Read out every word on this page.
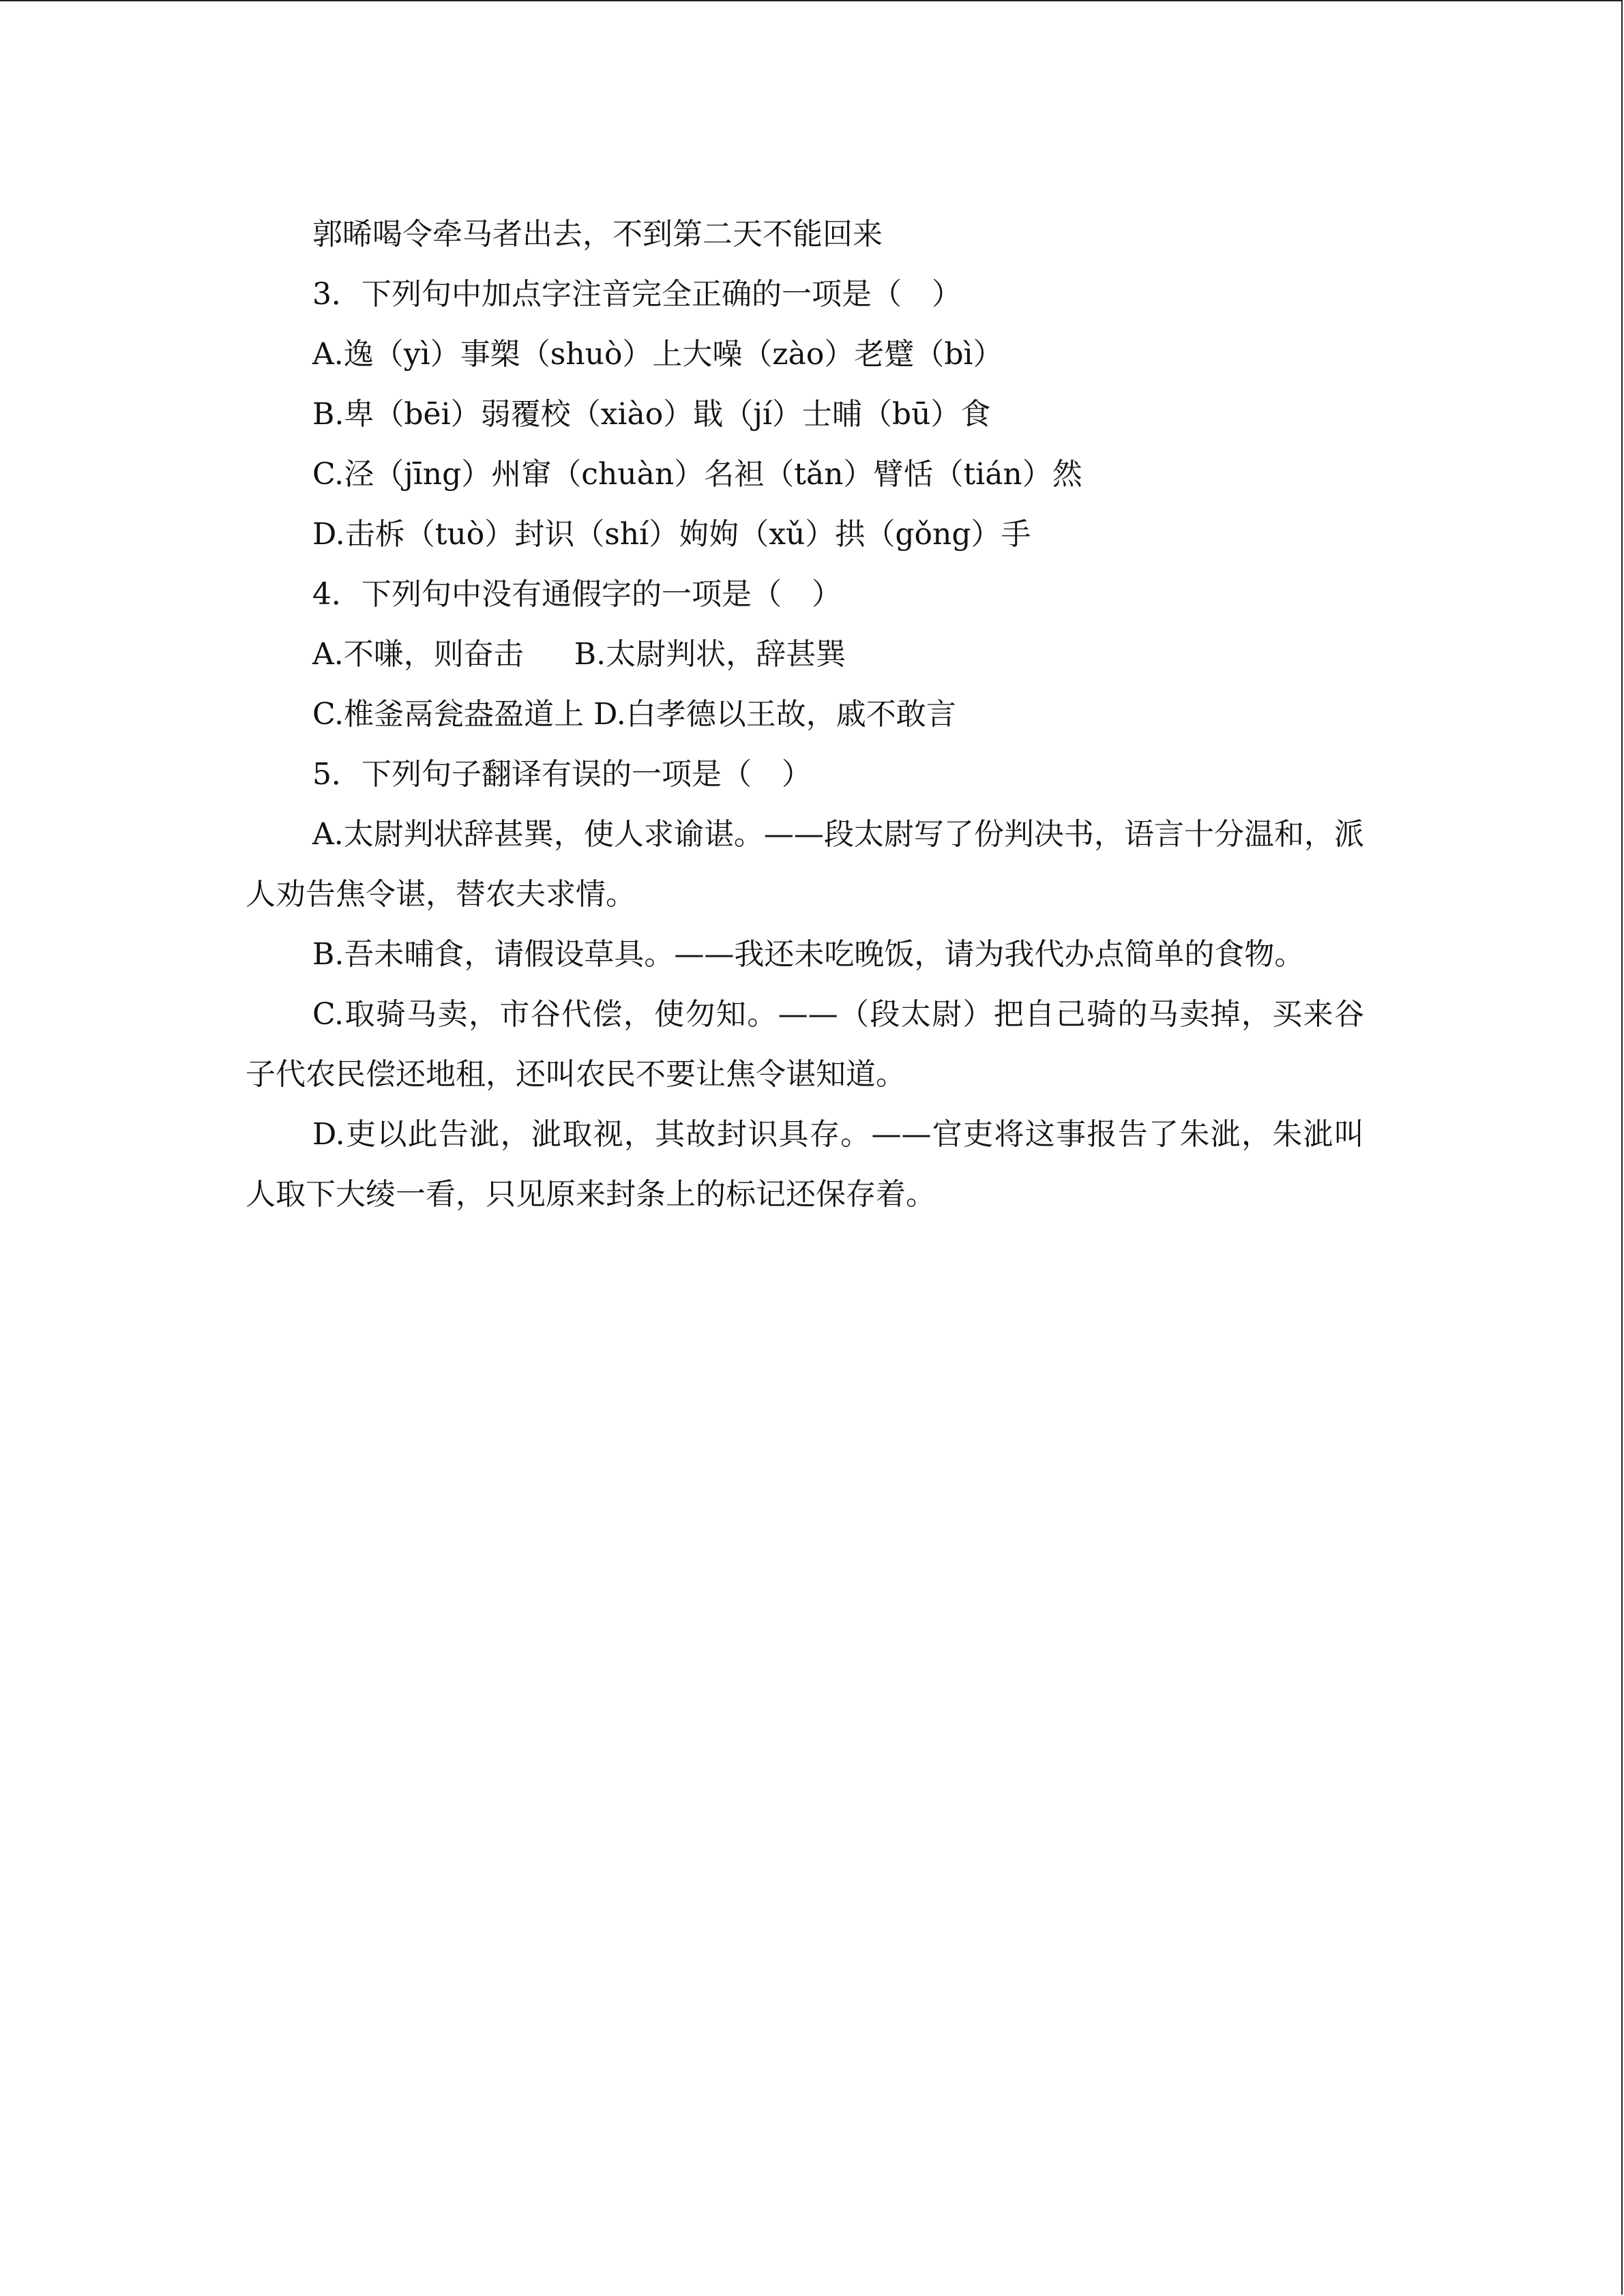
郭晞喝令牵马者出去，不到第二天不能回来
3．下列句中加点字注音完全正确的一项是（　）
A.逸（yì）事槊（shuò）上大噪（zào）老躄（bì）
B.卑（bēi）弱覆校（xiào）戢（jí）士晡（bū）食
C.泾（jīng）州窜（chuàn）名袒（tǎn）臂恬（tián）然
D.击柝（tuò）封识（shí）姁姁（xǔ）拱（gǒng）手
4．下列句中没有通假字的一项是（　）
A.不嗛，则奋击 B.太尉判状，辞甚巽
C.椎釜鬲瓮盎盈道上 D.白孝德以王故，戚不敢言
5．下列句子翻译有误的一项是（　）
A.太尉判状辞甚巽，使人求谕谌。——段太尉写了份判决书，语言十分温和，派人劝告焦令谌，替农夫求情。
B.吾未晡食，请假设草具。——我还未吃晚饭，请为我代办点简单的食物。
C.取骑马卖，市谷代偿，使勿知。——（段太尉）把自己骑的马卖掉，买来谷子代农民偿还地租，还叫农民不要让焦令谌知道。
D.吏以此告泚，泚取视，其故封识具存。——官吏将这事报告了朱泚，朱泚叫人取下大绫一看，只见原来封条上的标记还保存着。
